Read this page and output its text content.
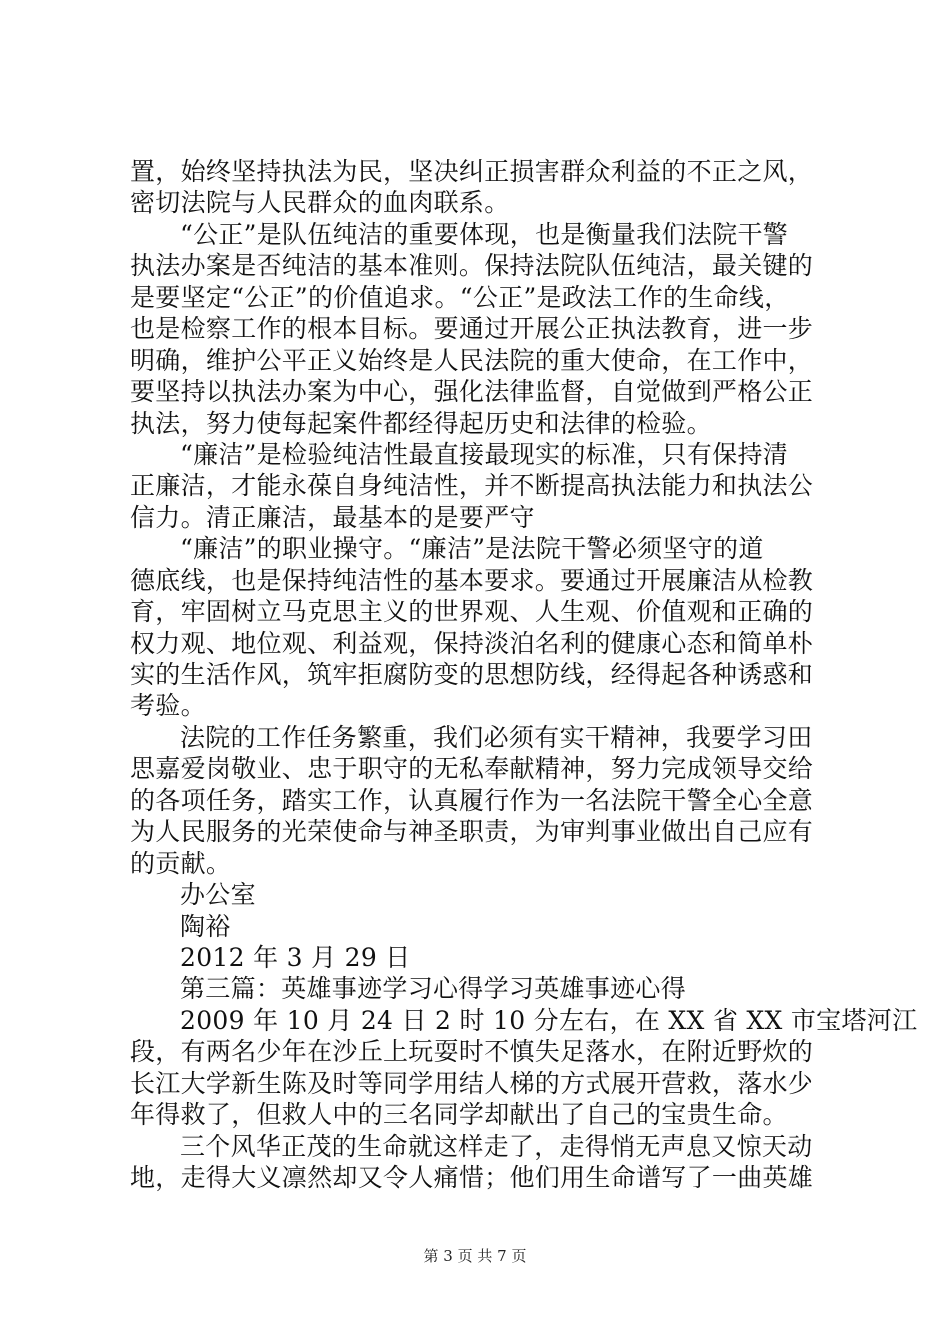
置，始终坚持执法为民，坚决纠正损害群众利益的不正之风，
密切法院与人民群众的血肉联系。
“公正”是队伍纯洁的重要体现，也是衡量我们法院干警
执法办案是否纯洁的基本准则。保持法院队伍纯洁，最关键的
是要坚定“公正”的价值追求。“公正”是政法工作的生命线，
也是检察工作的根本目标。要通过开展公正执法教育，进一步
明确，维护公平正义始终是人民法院的重大使命，在工作中，
要坚持以执法办案为中心，强化法律监督，自觉做到严格公正
执法，努力使每起案件都经得起历史和法律的检验。
“廉洁”是检验纯洁性最直接最现实的标准，只有保持清
正廉洁，才能永葆自身纯洁性，并不断提高执法能力和执法公
信力。清正廉洁，最基本的是要严守
“廉洁”的职业操守。“廉洁”是法院干警必须坚守的道
德底线，也是保持纯洁性的基本要求。要通过开展廉洁从检教
育，牢固树立马克思主义的世界观、人生观、价值观和正确的
权力观、地位观、利益观，保持淡泊名利的健康心态和简单朴
实的生活作风，筑牢拒腐防变的思想防线，经得起各种诱惑和
考验。
法院的工作任务繁重，我们必须有实干精神，我要学习田
思嘉爱岗敬业、忠于职守的无私奉献精神，努力完成领导交给
的各项任务，踏实工作，认真履行作为一名法院干警全心全意
为人民服务的光荣使命与神圣职责，为审判事业做出自己应有
的贡献。
办公室
陶裕
2012 年 3 月 29 日
第三篇：英雄事迹学习心得学习英雄事迹心得
2009 年 10 月 24 日 2 时 10 分左右，在 XX 省 XX 市宝塔河江
段，有两名少年在沙丘上玩耍时不慎失足落水，在附近野炊的
长江大学新生陈及时等同学用结人梯的方式展开营救，落水少
年得救了，但救人中的三名同学却献出了自己的宝贵生命。
三个风华正茂的生命就这样走了，走得悄无声息又惊天动
地，走得大义凛然却又令人痛惜；他们用生命谱写了一曲英雄
第 3 页 共 7 页
